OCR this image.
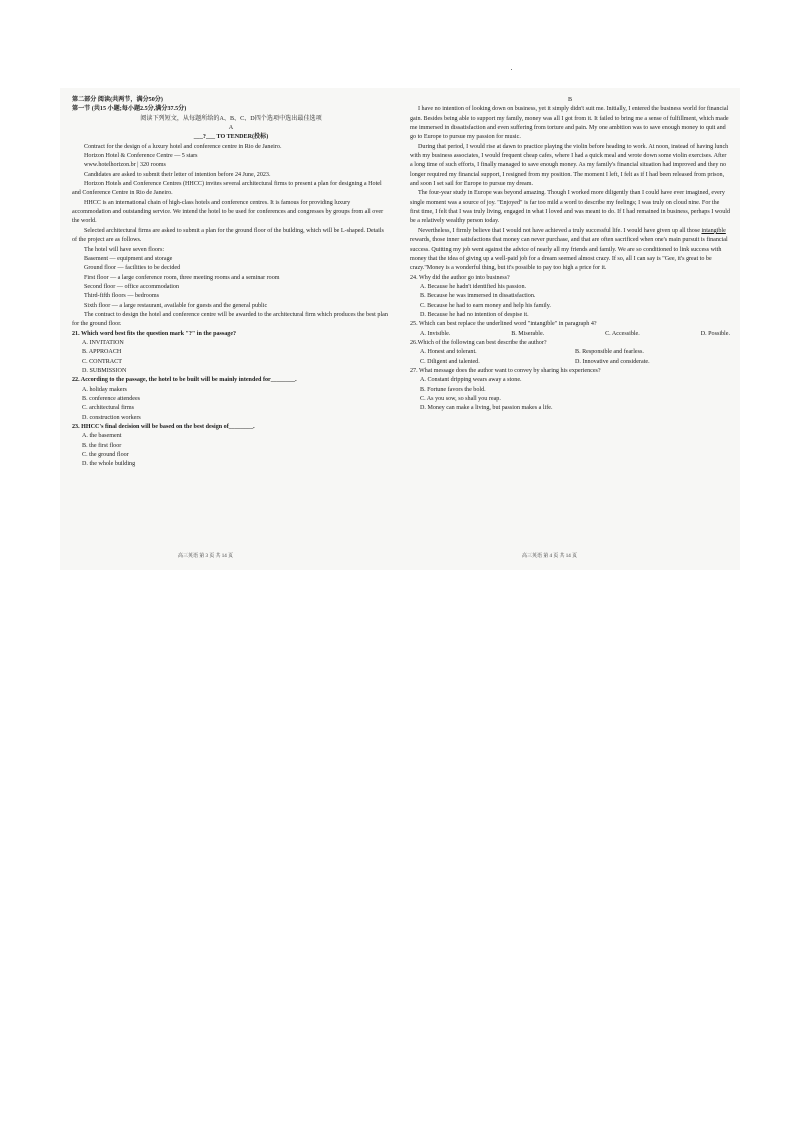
第二部分 阅读(共两节，满分50分)

第一节 (共15 小题;每小题2.5分,满分37.5分)

阅读下列短文，从每题所给的A、B、C、D四个选项中选出最佳选项

A

___?___ TO TENDER(投标)

Contract for the design of a luxury hotel and conference centre in Rio de Janeiro.

Horizon Hotel & Conference Centre — 5 stars

www.hotelhorizon.br | 320 rooms

Candidates are asked to submit their letter of intention before 24 June, 2023.

Horizon Hotels and Conference Centres (HHCC) invites several architectural firms to present a plan for designing a Hotel and Conference Centre in Rio de Janeiro.

HHCC is an international chain of high-class hotels and conference centres. It is famous for providing luxury accommodation and outstanding service. We intend the hotel to be used for conferences and congresses by groups from all over the world.

Selected architectural firms are asked to submit a plan for the ground floor of the building, which will be L-shaped. Details of the project are as follows.

The hotel will have seven floors:

Basement — equipment and storage

Ground floor — facilities to be decided

First floor — a large conference room, three meeting rooms and a seminar room

Second floor — office accommodation

Third-fifth floors — bedrooms

Sixth floor — a large restaurant, available for guests and the general public

The contract to design the hotel and conference centre will be awarded to the architectural firm which produces the best plan for the ground floor.

21. Which word best fits the question mark "?" in the passage?

A. INVITATION

B. APPROACH

C. CONTRACT

D. SUBMISSION

22. According to the passage, the hotel to be built will be mainly intended for________.

A. holiday makers

B. conference attendees

C. architectural firms

D. construction workers

23. HHCC's final decision will be based on the best design of________.

A. the basement

B. the first floor

C. the ground floor

D. the whole building

高三英语 第 3 页 共 14 页

B

I have no intention of looking down on business, yet it simply didn't suit me. Initially, I entered the business world for financial gain. Besides being able to support my family, money was all I got from it. It failed to bring me a sense of fulfillment, which made me immersed in dissatisfaction and even suffering from torture and pain. My one ambition was to save enough money to quit and go to Europe to pursue my passion for music.

During that period, I would rise at dawn to practice playing the violin before heading to work. At noon, instead of having lunch with my business associates, I would frequent cheap cafes, where I had a quick meal and wrote down some violin exercises. After a long time of such efforts, I finally managed to save enough money. As my family's financial situation had improved and they no longer required my financial support, I resigned from my position. The moment I left, I felt as if I had been released from prison, and soon I set sail for Europe to pursue my dream.

The four-year study in Europe was beyond amazing. Though I worked more diligently than I could have ever imagined, every single moment was a source of joy. "Enjoyed" is far too mild a word to describe my feelings; I was truly on cloud nine. For the first time, I felt that I was truly living, engaged in what I loved and was meant to do. If I had remained in business, perhaps I would be a relatively wealthy person today.

Nevertheless, I firmly believe that I would not have achieved a truly successful life. I would have given up all those intangible rewards, those inner satisfactions that money can never purchase, and that are often sacrificed when one's main pursuit is financial success. Quitting my job went against the advice of nearly all my friends and family. We are so conditioned to link success with money that the idea of giving up a well-paid job for a dream seemed almost crazy. If so, all I can say is "Gee, it's great to be crazy."Money is a wonderful thing, but it's possible to pay too high a price for it.

24. Why did the author go into business?

A. Because he hadn't identified his passion.

B. Because he was immersed in dissatisfaction.

C. Because he had to earn money and help his family.

D. Because he had no intention of despise it.

25. Which can best replace the underlined word "intangible" in paragraph 4?

A. Invisible.	B. Miserable.	C. Accessible.	D. Possible.

26.Which of the following can best describe the author?

A. Honest and tolerant.	B. Responsible and fearless.
C. Diligent and talented.	D. Innovative and considerate.

27. What message does the author want to convey by sharing his experiences?

A. Constant dripping wears away a stone.

B. Fortune favors the bold.

C. As you sow, so shall you reap.

D. Money can make a living, but passion makes a life.

高三英语 第 4 页 共 14 页
